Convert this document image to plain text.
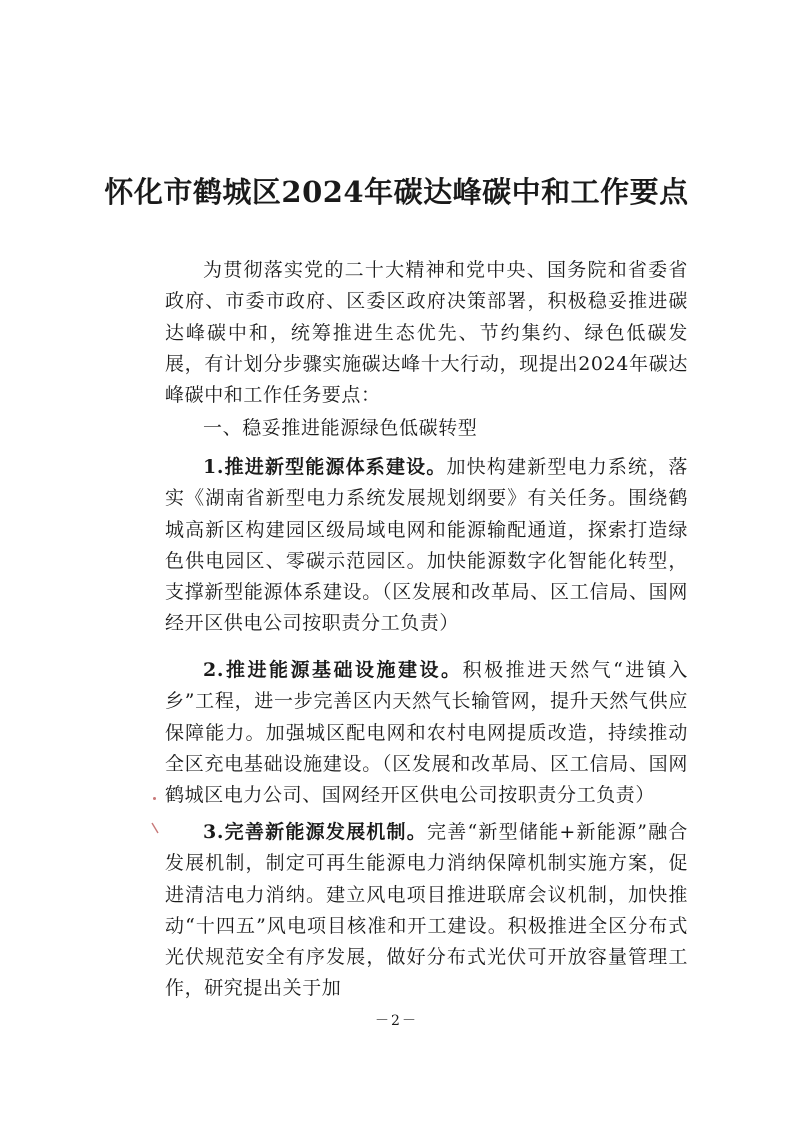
怀化市鹤城区2024年碳达峰碳中和工作要点

为贯彻落实党的二十大精神和党中央、国务院和省委省政府、市委市政府、区委区政府决策部署，积极稳妥推进碳达峰碳中和，统筹推进生态优先、节约集约、绿色低碳发展，有计划分步骤实施碳达峰十大行动，现提出2024年碳达峰碳中和工作任务要点：

一、稳妥推进能源绿色低碳转型

1.推进新型能源体系建设。加快构建新型电力系统，落实《湖南省新型电力系统发展规划纲要》有关任务。围绕鹤城高新区构建园区级局域电网和能源输配通道，探索打造绿色供电园区、零碳示范园区。加快能源数字化智能化转型，支撑新型能源体系建设。（区发展和改革局、区工信局、国网经开区供电公司按职责分工负责）

2.推进能源基础设施建设。积极推进天然气“进镇入乡”工程，进一步完善区内天然气长输管网，提升天然气供应保障能力。加强城区配电网和农村电网提质改造，持续推动全区充电基础设施建设。（区发展和改革局、区工信局、国网鹤城区电力公司、国网经开区供电公司按职责分工负责）

3.完善新能源发展机制。完善“新型储能+新能源”融合发展机制，制定可再生能源电力消纳保障机制实施方案，促进清洁电力消纳。建立风电项目推进联席会议机制，加快推动“十四五”风电项目核准和开工建设。积极推进全区分布式光伏规范安全有序发展，做好分布式光伏可开放容量管理工作，研究提出关于加

－2－
